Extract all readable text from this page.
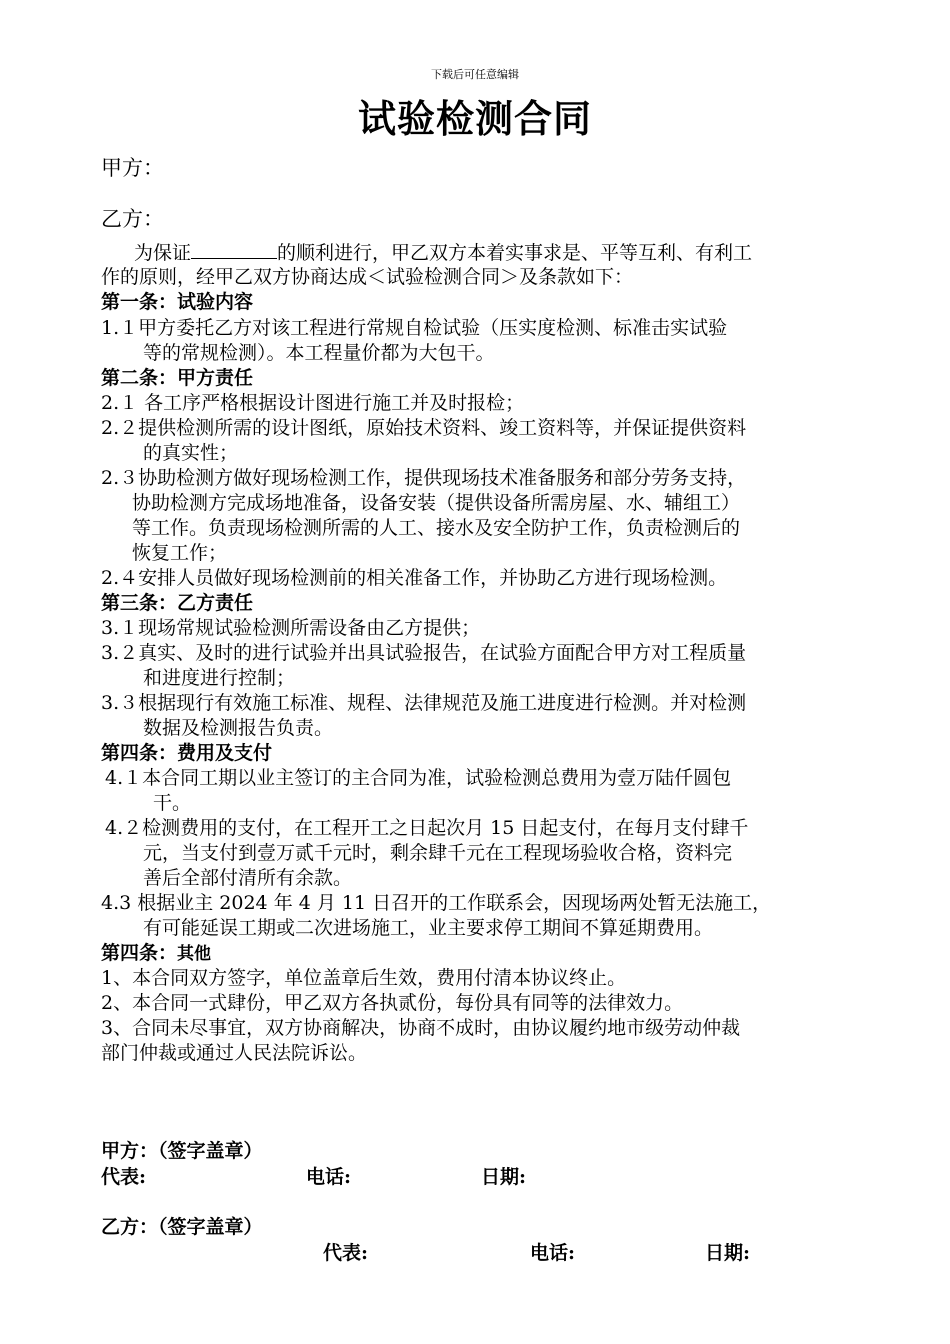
下载后可任意编辑
试验检测合同
甲方：
乙方：
为保证	的顺利进行，甲乙双方本着实事求是、平等互利、有利工
作的原则，经甲乙双方协商达成＜试验检测合同＞及条款如下：
第一条：试验内容
1.１甲方委托乙方对该工程进行常规自检试验（压实度检测、标准击实试验
等的常规检测）。本工程量价都为大包干。
第二条：甲方责任
2.１ 各工序严格根据设计图进行施工并及时报检；
2.２提供检测所需的设计图纸，原始技术资料、竣工资料等，并保证提供资料
的真实性；
2.３协助检测方做好现场检测工作，提供现场技术准备服务和部分劳务支持，
协助检测方完成场地准备，设备安装（提供设备所需房屋、水、辅组工）
等工作。负责现场检测所需的人工、接水及安全防护工作，负责检测后的
恢复工作；
2.４安排人员做好现场检测前的相关准备工作，并协助乙方进行现场检测。
第三条：乙方责任
3.１现场常规试验检测所需设备由乙方提供；
3.２真实、及时的进行试验并出具试验报告，在试验方面配合甲方对工程质量
和进度进行控制；
3.３根据现行有效施工标准、规程、法律规范及施工进度进行检测。并对检测
数据及检测报告负责。
第四条：费用及支付
4.１本合同工期以业主签订的主合同为准，试验检测总费用为壹万陆仟圆包
干。
4.２检测费用的支付，在工程开工之日起次月 15 日起支付，在每月支付肆千
元，当支付到壹万贰千元时，剩余肆千元在工程现场验收合格，资料完
善后全部付清所有余款。
4.3 根据业主 2024 年 4 月 11 日召开的工作联系会，因现场两处暂无法施工，
有可能延误工期或二次进场施工，业主要求停工期间不算延期费用。
第四条：其他
1、本合同双方签字，单位盖章后生效，费用付清本协议终止。
2、本合同一式肆份，甲乙双方各执贰份，每份具有同等的法律效力。
3、合同未尽事宜，双方协商解决，协商不成时，由协议履约地市级劳动仲裁
部门仲裁或通过人民法院诉讼。
甲方：（签字盖章）
代表:	电话:	日期:
乙方：（签字盖章）
代表:	电话:	日期:
